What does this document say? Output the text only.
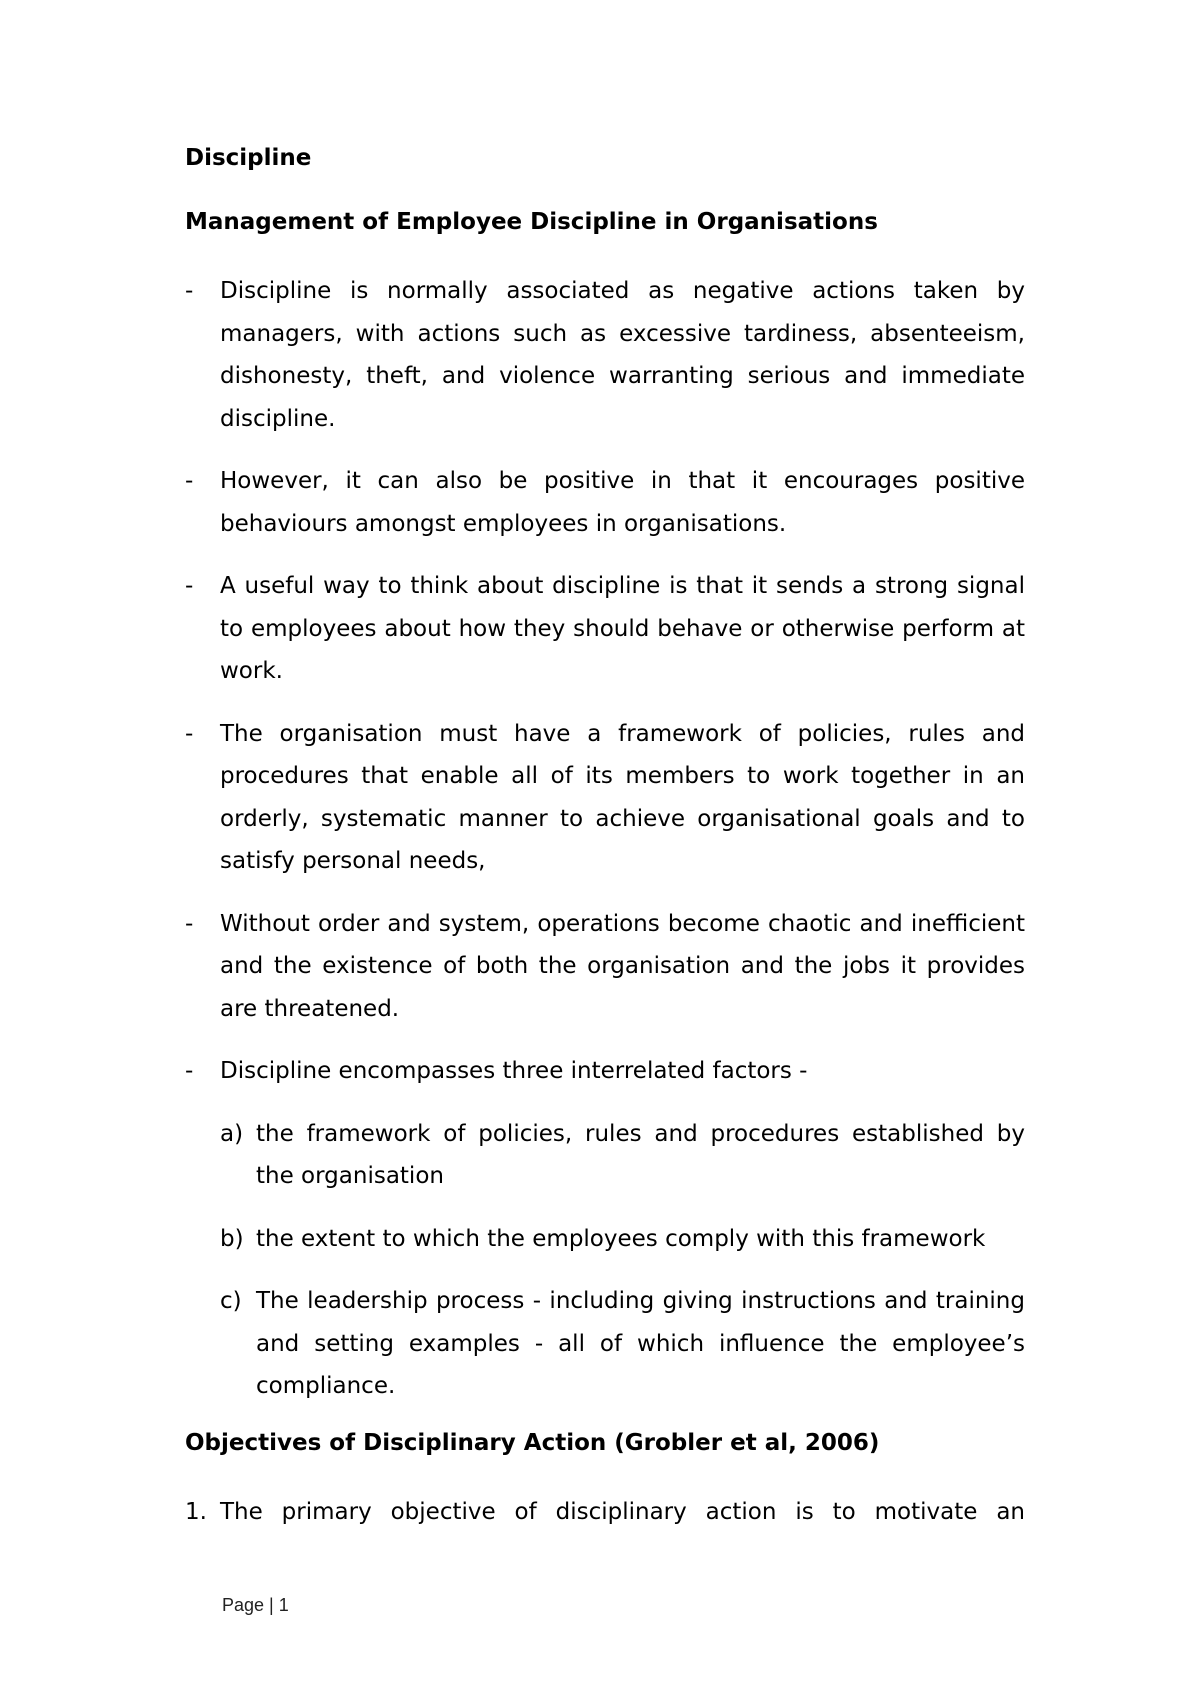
Discipline
Management of Employee Discipline in Organisations
- Discipline is normally associated as negative actions taken by managers, with actions such as excessive tardiness, absenteeism, dishonesty, theft, and violence warranting serious and immediate discipline.
- However, it can also be positive in that it encourages positive behaviours amongst employees in organisations.
- A useful way to think about discipline is that it sends a strong signal to employees about how they should behave or otherwise perform at work.
- The organisation must have a framework of policies, rules and procedures that enable all of its members to work together in an orderly, systematic manner to achieve organisational goals and to satisfy personal needs,
- Without order and system, operations become chaotic and inefficient and the existence of both the organisation and the jobs it provides are threatened.
- Discipline encompasses three interrelated factors -
a) the framework of policies, rules and procedures established by the organisation
b) the extent to which the employees comply with this framework
c) The leadership process - including giving instructions and training and setting examples - all of which influence the employee’s compliance.
Objectives of Disciplinary Action (Grobler et al, 2006)
1. The primary objective of disciplinary action is to motivate an
Page | 1
